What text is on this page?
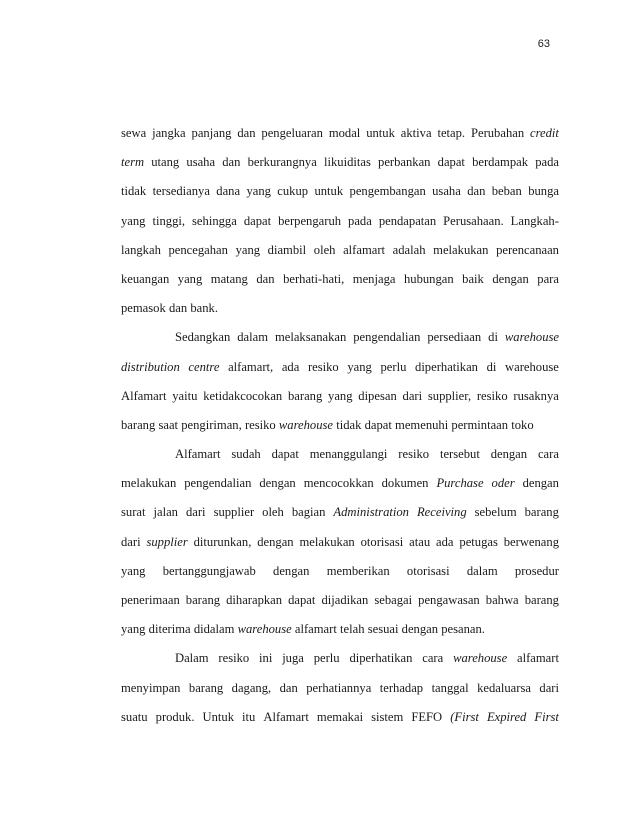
63
sewa jangka panjang dan pengeluaran modal untuk aktiva tetap. Perubahan credit
term utang usaha dan berkurangnya likuiditas perbankan dapat berdampak pada
tidak tersedianya dana yang cukup untuk pengembangan usaha dan beban bunga
yang tinggi, sehingga dapat berpengaruh pada pendapatan Perusahaan. Langkah-
langkah pencegahan yang diambil oleh alfamart adalah melakukan perencanaan
keuangan yang matang dan berhati-hati, menjaga hubungan baik dengan para
pemasok dan bank.
Sedangkan dalam melaksanakan pengendalian persediaan di warehouse
distribution centre alfamart, ada resiko yang perlu diperhatikan di warehouse
Alfamart yaitu ketidakcocokan barang yang dipesan dari supplier, resiko rusaknya
barang saat pengiriman, resiko warehouse tidak dapat memenuhi permintaan toko
Alfamart sudah dapat menanggulangi resiko tersebut dengan cara
melakukan pengendalian dengan mencocokkan dokumen Purchase oder dengan
surat jalan dari supplier oleh bagian Administration Receiving sebelum barang
dari supplier diturunkan, dengan melakukan otorisasi atau ada petugas berwenang
yang bertanggungjawab dengan memberikan otorisasi dalam prosedur
penerimaan barang diharapkan dapat dijadikan sebagai pengawasan bahwa barang
yang diterima didalam warehouse alfamart telah sesuai dengan pesanan.
Dalam resiko ini juga perlu diperhatikan cara warehouse alfamart
menyimpan barang dagang, dan perhatiannya terhadap tanggal kedaluarsa dari
suatu produk. Untuk itu Alfamart memakai sistem FEFO (First Expired First
